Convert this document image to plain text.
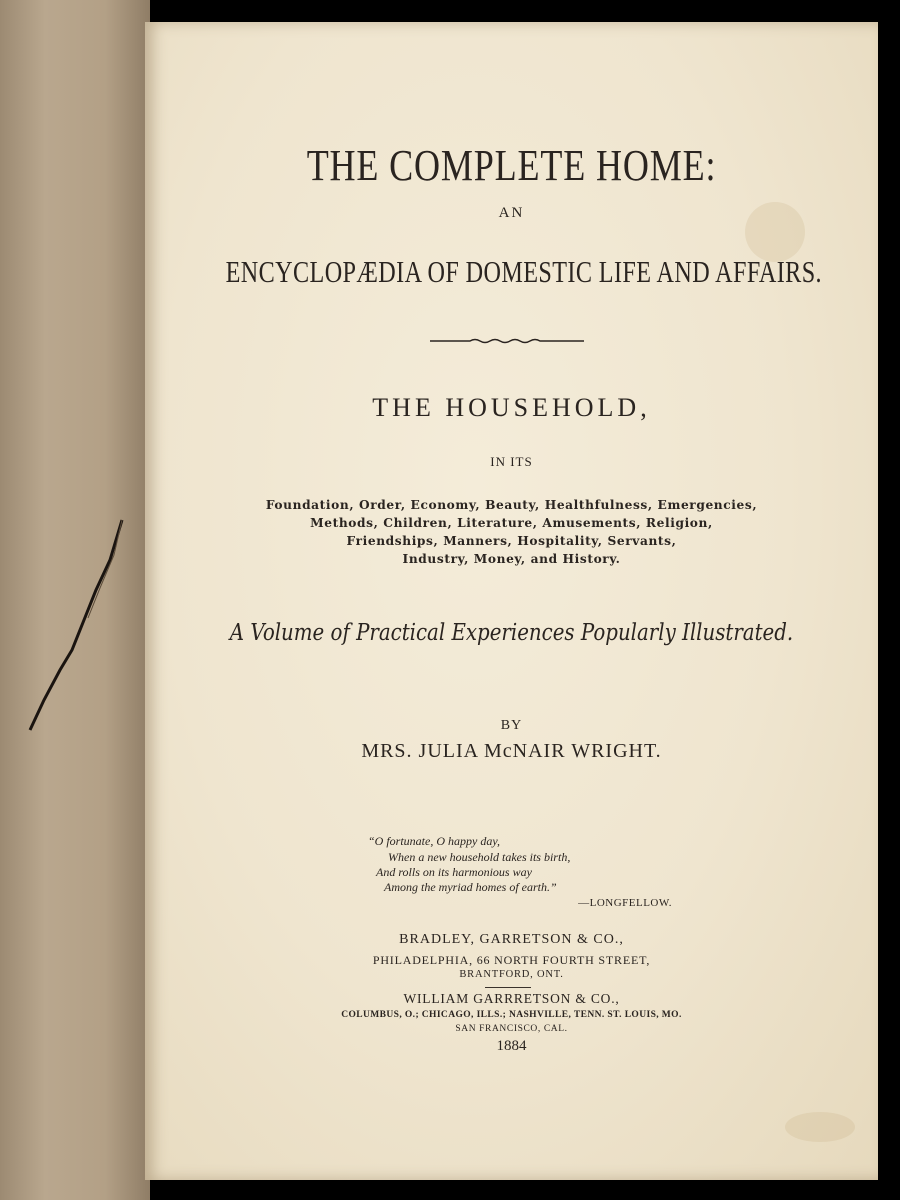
THE COMPLETE HOME:
AN
ENCYCLOPÆDIA OF DOMESTIC LIFE AND AFFAIRS.
THE HOUSEHOLD,
IN ITS
Foundation, Order, Economy, Beauty, Healthfulness, Emergencies,
Methods, Children, Literature, Amusements, Religion,
Friendships, Manners, Hospitality, Servants,
Industry, Money, and History.
A Volume of Practical Experiences Popularly Illustrated.
BY
MRS. JULIA McNAIR WRIGHT.
“O fortunate, O happy day,
When a new household takes its birth,
And rolls on its harmonious way
Among the myriad homes of earth.”
—LONGFELLOW.
BRADLEY, GARRETSON & CO.,
PHILADELPHIA, 66 NORTH FOURTH STREET,
BRANTFORD, ONT.
WILLIAM GARRRETSON & CO.,
COLUMBUS, O.; CHICAGO, ILLS.; NASHVILLE, TENN. ST. LOUIS, MO.
SAN FRANCISCO, CAL.
1884
